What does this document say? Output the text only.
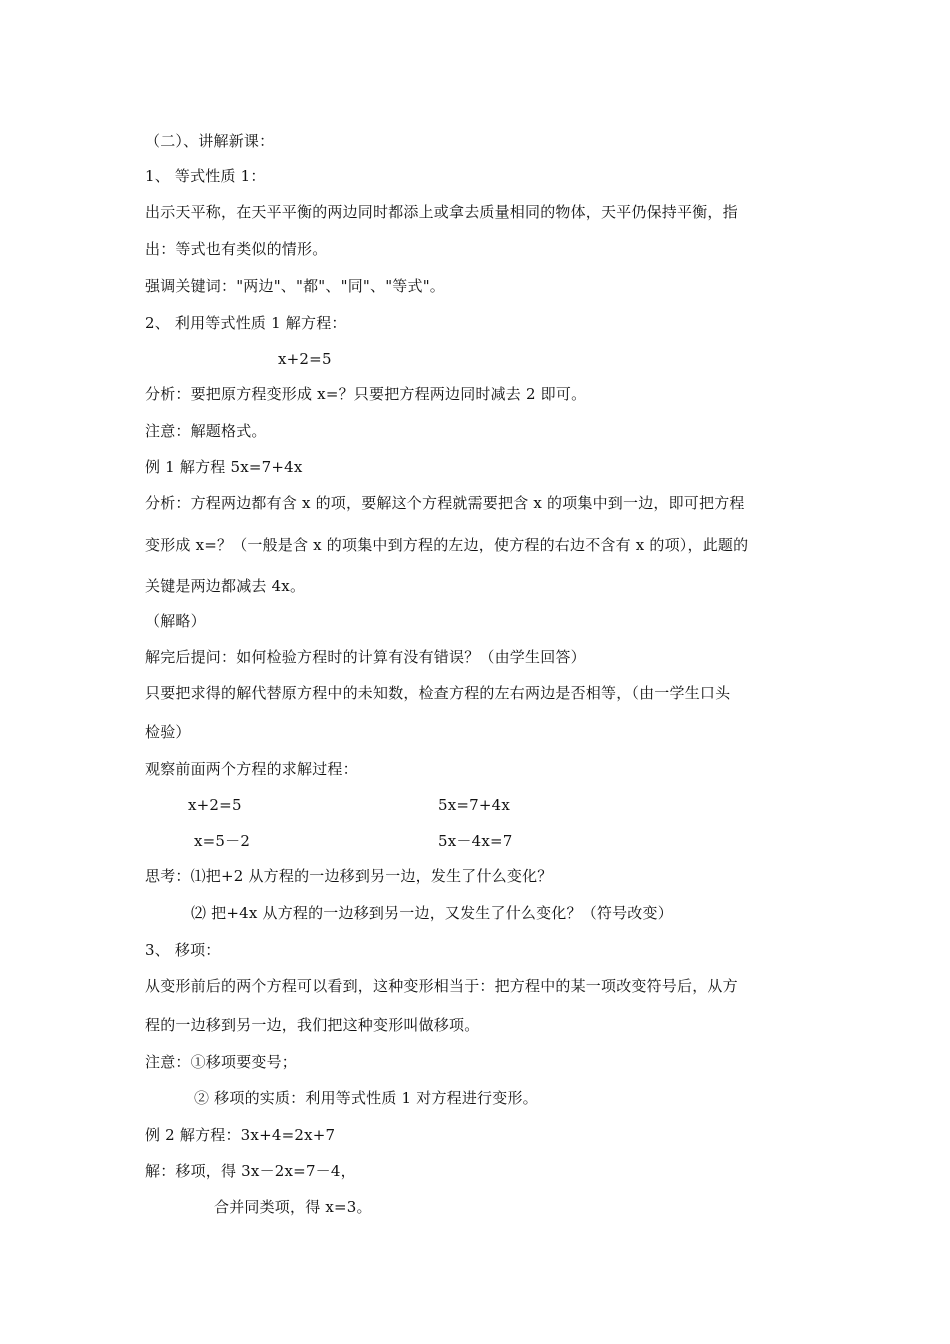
（二）、讲解新课：
1、 等式性质 1：
出示天平称，在天平平衡的两边同时都添上或拿去质量相同的物体，天平仍保持平衡，指
出：等式也有类似的情形。
强调关键词："两边"、"都"、"同"、"等式"。
2、 利用等式性质 1 解方程：
x+2=5
分析：要把原方程变形成 x=？只要把方程两边同时减去 2 即可。
注意：解题格式。
例 1 解方程 5x=7+4x
分析：方程两边都有含 x 的项，要解这个方程就需要把含 x 的项集中到一边，即可把方程
变形成 x=？（一般是含 x 的项集中到方程的左边，使方程的右边不含有 x 的项），此题的
关键是两边都减去 4x。
（解略）
解完后提问：如何检验方程时的计算有没有错误？（由学生回答）
只要把求得的解代替原方程中的未知数，检查方程的左右两边是否相等，（由一学生口头
检验）
观察前面两个方程的求解过程：
x+2=5	5x=7+4x
x=5－2	5x－4x=7
思考：⑴把+2 从方程的一边移到另一边，发生了什么变化？
⑵ 把+4x 从方程的一边移到另一边，又发生了什么变化？（符号改变）
3、 移项：
从变形前后的两个方程可以看到，这种变形相当于：把方程中的某一项改变符号后，从方
程的一边移到另一边，我们把这种变形叫做移项。
注意：①移项要变号；
② 移项的实质：利用等式性质 1 对方程进行变形。
例 2 解方程：3x+4=2x+7
解：移项，得 3x－2x=7－4，
合并同类项，得 x=3。
